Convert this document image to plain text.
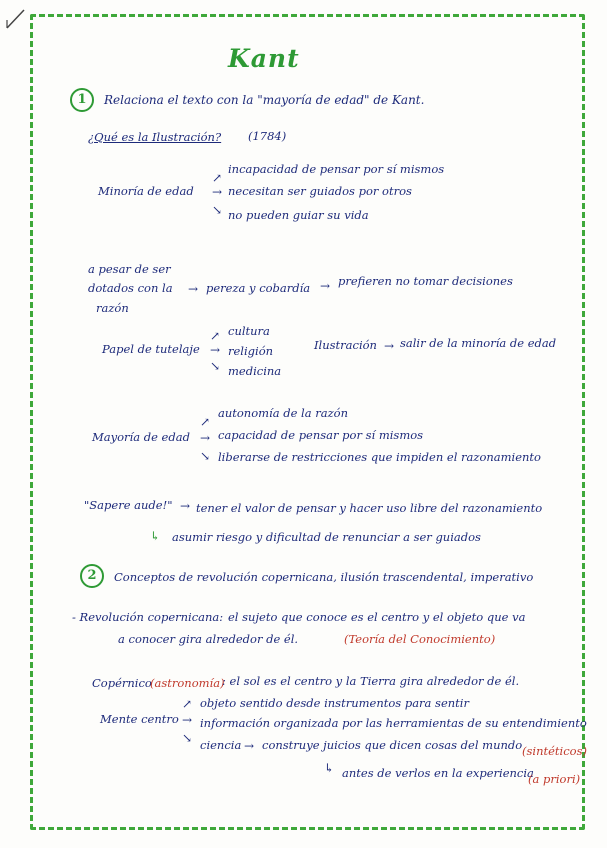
Kant
1	Relaciona el texto con la "mayoría de edad" de Kant.
¿Qué es la Ilustración? (1784)
Minoría de edad
↗
→
↘
incapacidad de pensar por sí mismos
necesitan ser guiados por otros
no pueden guiar su vida
a pesar de ser
dotados con la
razón
→ pereza y cobardía → prefieren no tomar decisiones
Papel de tutelaje
↗
→
↘
cultura
religión
medicina
Ilustración → salir de la minoría de edad
Mayoría de edad
↗
→
↘
autonomía de la razón
capacidad de pensar por sí mismos
liberarse de restricciones que impiden el razonamiento
"Sapere aude!" → tener el valor de pensar y hacer uso libre del razonamiento
↳ asumir riesgo y dificultad de renunciar a ser guiados
2	Conceptos de revolución copernicana, ilusión trascendental, imperativo
- Revolución copernicana: el sujeto que conoce es el centro y el objeto que va
a conocer gira alrededor de él.	(Teoría del Conocimiento)
Copérnico
(astronomía)
: el sol es el centro y la Tierra gira alrededor de él.
Mente centro
↗
→
↘
objeto sentido desde instrumentos para sentir
información organizada por las herramientas de su entendimiento
ciencia → construye juicios que dicen cosas del mundo (sintéticos)
↳ antes de verlos en la experiencia
(a priori)
